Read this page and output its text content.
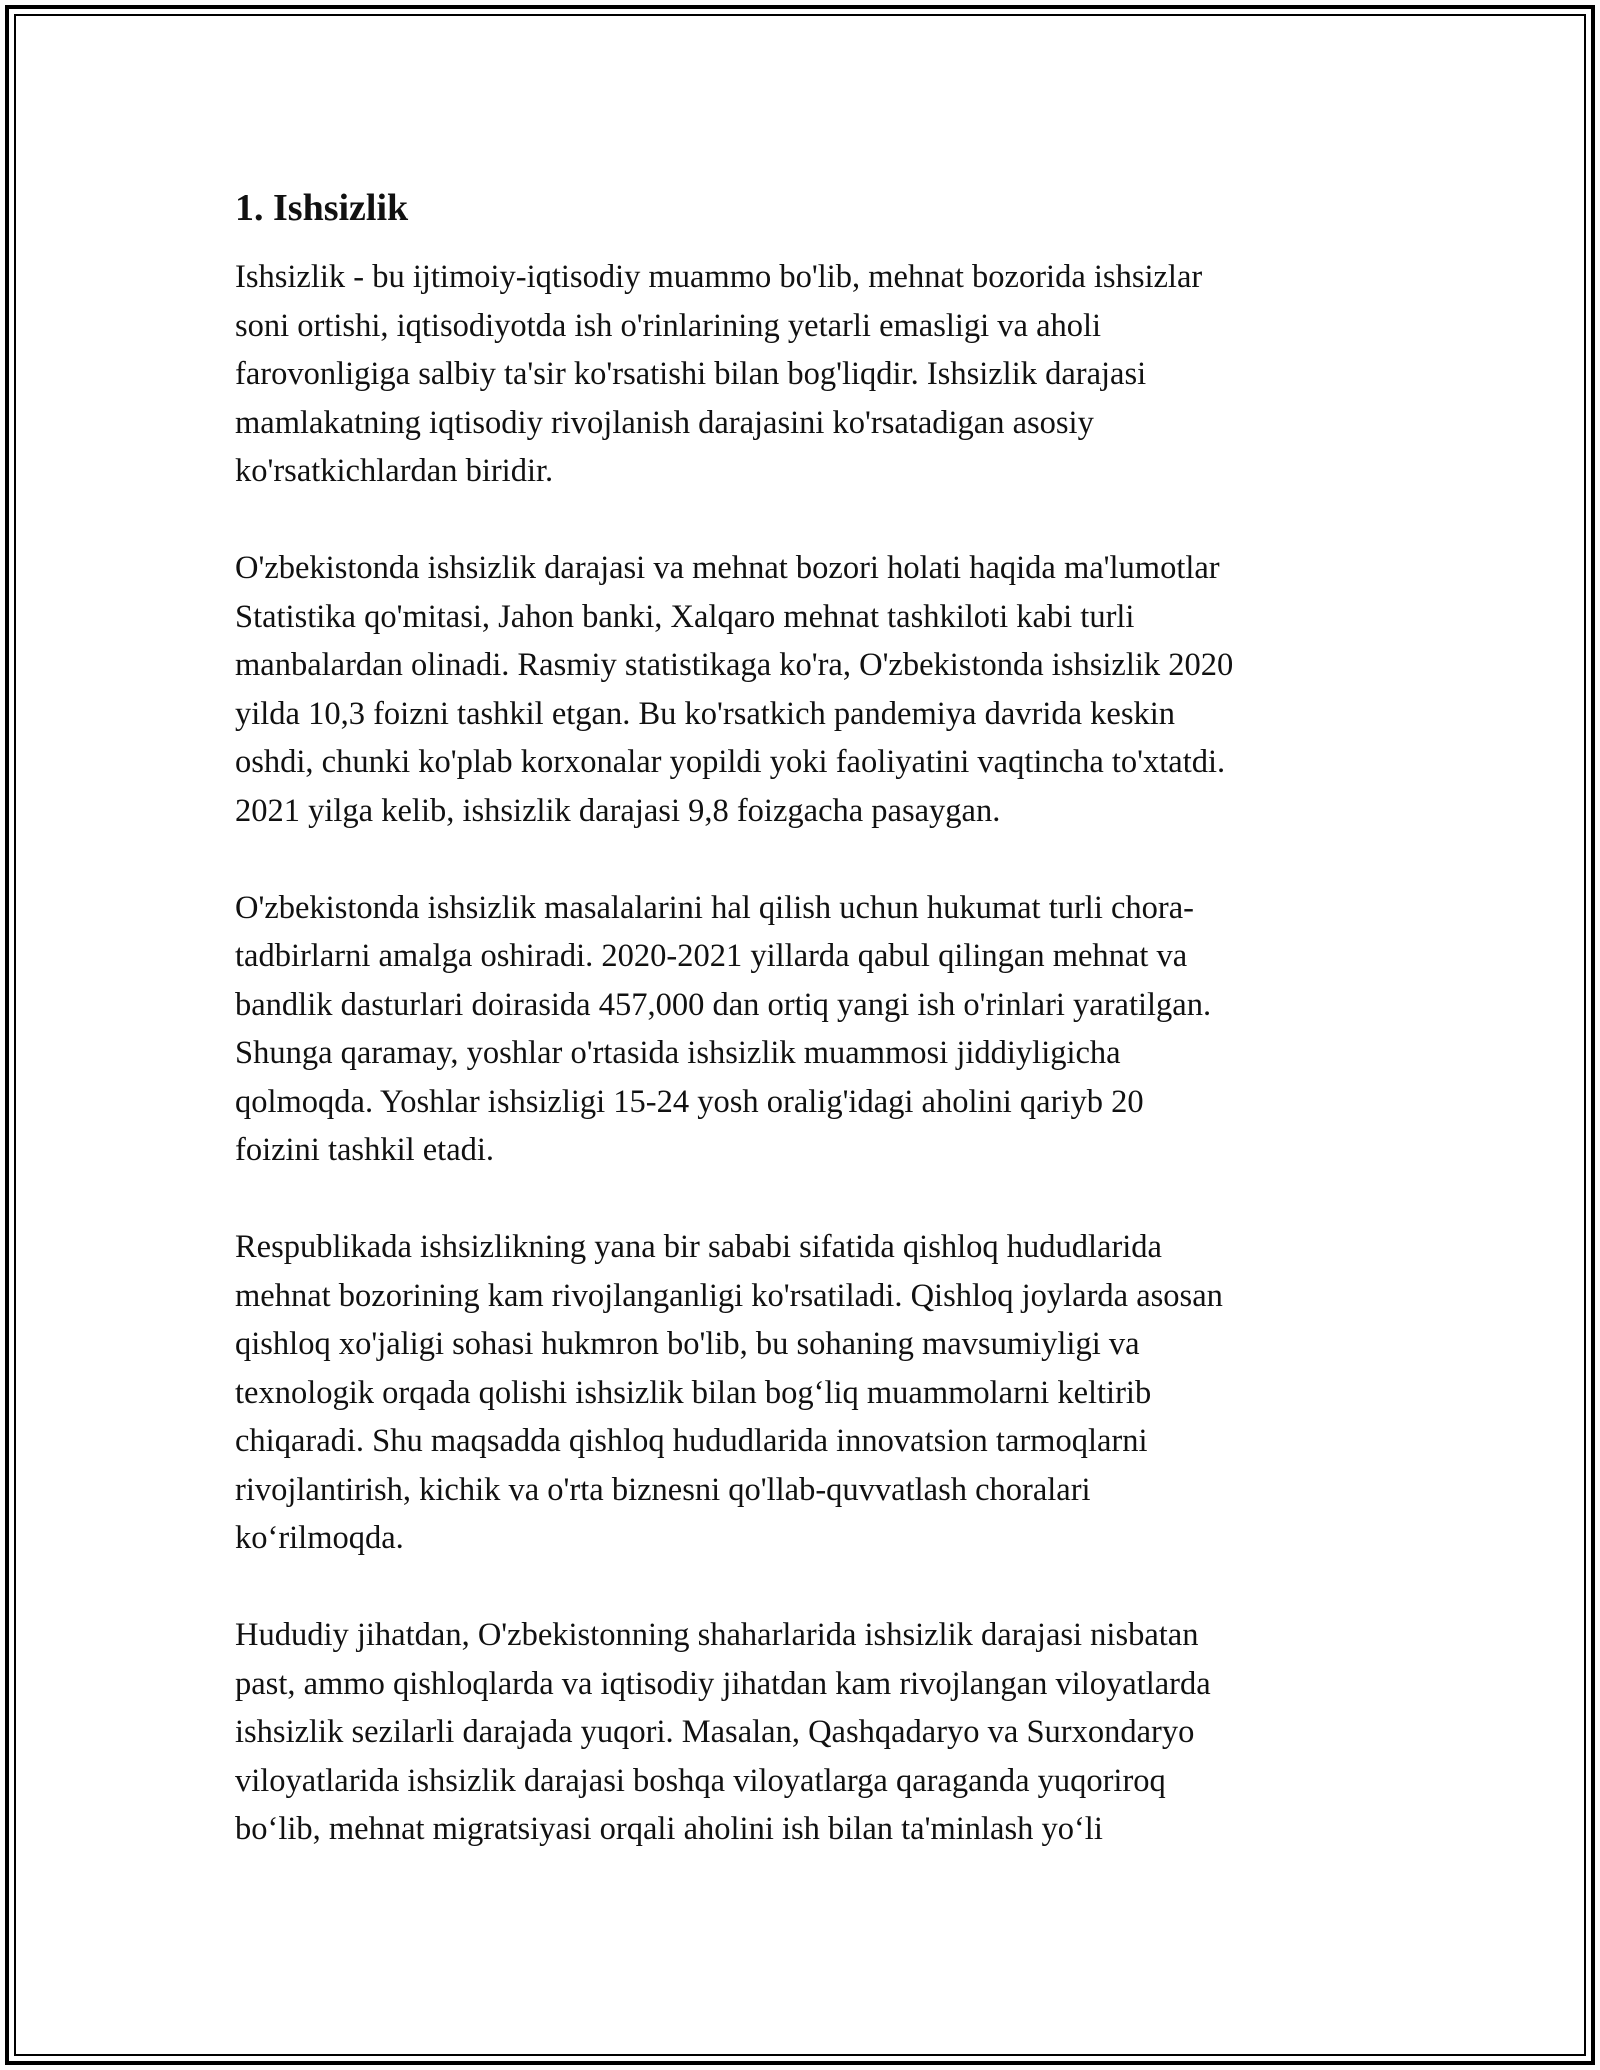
1. Ishsizlik

Ishsizlik - bu ijtimoiy-iqtisodiy muammo bo'lib, mehnat bozorida ishsizlar
soni ortishi, iqtisodiyotda ish o'rinlarining yetarli emasligi va aholi
farovonligiga salbiy ta'sir ko'rsatishi bilan bog'liqdir. Ishsizlik darajasi
mamlakatning iqtisodiy rivojlanish darajasini ko'rsatadigan asosiy
ko'rsatkichlardan biridir.

O'zbekistonda ishsizlik darajasi va mehnat bozori holati haqida ma'lumotlar
Statistika qo'mitasi, Jahon banki, Xalqaro mehnat tashkiloti kabi turli
manbalardan olinadi. Rasmiy statistikaga ko'ra, O'zbekistonda ishsizlik 2020
yilda 10,3 foizni tashkil etgan. Bu ko'rsatkich pandemiya davrida keskin
oshdi, chunki ko'plab korxonalar yopildi yoki faoliyatini vaqtincha to'xtatdi.
2021 yilga kelib, ishsizlik darajasi 9,8 foizgacha pasaygan.

O'zbekistonda ishsizlik masalalarini hal qilish uchun hukumat turli chora-
tadbirlarni amalga oshiradi. 2020-2021 yillarda qabul qilingan mehnat va
bandlik dasturlari doirasida 457,000 dan ortiq yangi ish o'rinlari yaratilgan.
Shunga qaramay, yoshlar o'rtasida ishsizlik muammosi jiddiyligicha
qolmoqda. Yoshlar ishsizligi 15-24 yosh oralig'idagi aholini qariyb 20
foizini tashkil etadi.

Respublikada ishsizlikning yana bir sababi sifatida qishloq hududlarida
mehnat bozorining kam rivojlanganligi ko'rsatiladi. Qishloq joylarda asosan
qishloq xo'jaligi sohasi hukmron bo'lib, bu sohaning mavsumiyligi va
texnologik orqada qolishi ishsizlik bilan bog‘liq muammolarni keltirib
chiqaradi. Shu maqsadda qishloq hududlarida innovatsion tarmoqlarni
rivojlantirish, kichik va o'rta biznesni qo'llab-quvvatlash choralari
ko‘rilmoqda.

Hududiy jihatdan, O'zbekistonning shaharlarida ishsizlik darajasi nisbatan
past, ammo qishloqlarda va iqtisodiy jihatdan kam rivojlangan viloyatlarda
ishsizlik sezilarli darajada yuqori. Masalan, Qashqadaryo va Surxondaryo
viloyatlarida ishsizlik darajasi boshqa viloyatlarga qaraganda yuqoriroq
bo‘lib, mehnat migratsiyasi orqali aholini ish bilan ta'minlash yo‘li
